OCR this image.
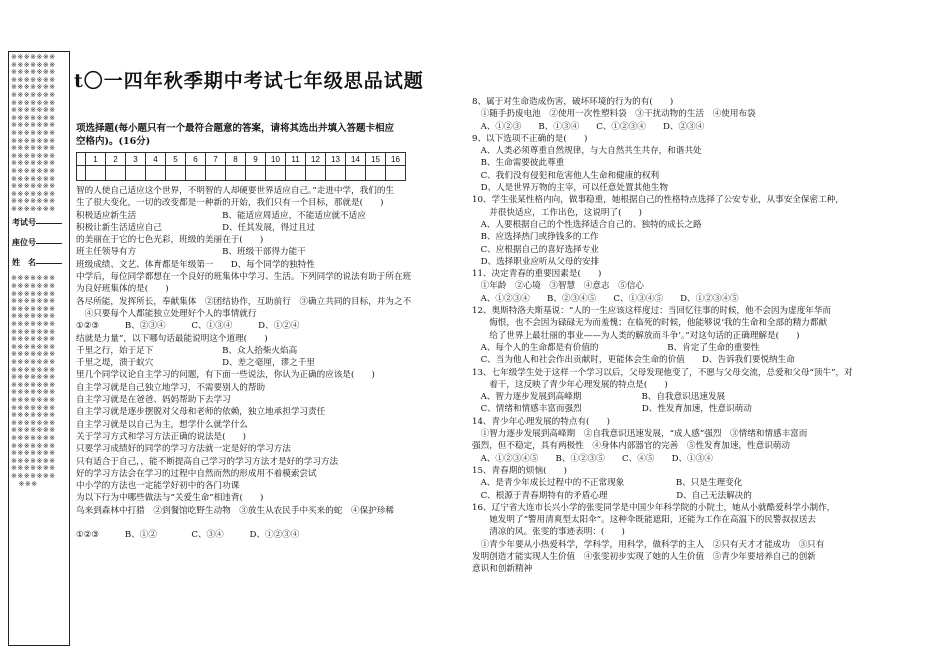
※※※※※※※
※※※※※※※
※※※※※※※
※※※※※※※
※※※※※※※
※※※※※※※
※※※※※※※
※※※※※※※
※※※※※※※
※※※※※※※
※※※※※※※
※※※※※※※
※※※※※※※
※※※※※※※
※※※※※※※
※※※※※※※
※※※※※※※
※※※※※※※
※※※※※※※
※※※※※※※
※※※※※※※
考试号
座位号
姓　名
※※※※※※※
※※※※※※※
※※※※※※※
※※※※※※※
※※※※※※※
※※※※※※※
※※※※※※※
※※※※※※※
※※※※※※※
※※※※※※※
※※※※※※※
※※※※※※※
※※※※※※※
※※※※※※※
※※※※※※※
※※※※※※※
※※※※※※※
※※※※※※※
※※※※※※※
※※※※※※※
※※※※※※※
※※※※※※※
※※※※※※※
※※※※※※※
※※※※※※※
※※※※※※※
※※※※※※※
　※※※
t〇一四年秋季期中考试七年级思品试题
项选择题(每小题只有一个最符合题意的答案，请将其选出并填入答题卡相应
空格内)。(16分)
	1	2	3	4	5	6	7	8	9	10	11	12	13	14	15	16

智的人使自己适应这个世界，不明智的人却硬要世界适应自己。”走进中学，我们的生
生了很大变化，一切的改变都是一种新的开始，我们只有一个目标，那就是(　　)
积极适应新生活　　　　　　　　　　B、能适应周适应，不能适应就不适应
积极让新生活适应自己　　　　　　　D、任其发展，得过且过
的美丽在于它的七色光彩，班级的美丽在于(　　)
班主任领导有方　　　　　　　　　　B、班级干部得力能干
班级成绩、文艺、体育都是年级第一　　D、每个同学的独特性
中学后，每位同学都想在一个良好的班集体中学习、生活。下列同学的说法有助于所在班
为良好班集体的是(　　)
各尽所能，发挥所长，奉献集体　②团结协作，互助前行　③确立共同的目标，并为之不
　④只要每个人都能独立处理好个人的事情就行
①②③　　　B、②③④　　　C、①③④　　　D、①②④
结就是力量”，以下哪句话最能说明这个道理(　　)
千里之行，始于足下　　　　　　　　B、众人拾柴火焰高
千里之堤，溃于蚁穴　　　　　　　　D、差之毫厘，谬之千里
里几个同学议论自主学习的问题，有下面一些说法，你认为正确的应该是(　　)
自主学习就是自己独立地学习，不需要别人的帮助
自主学习就是在爸爸、妈妈帮助下去学习
自主学习就是逐步摆脱对父母和老师的依赖，独立地承担学习责任
自主学习就是以自己为主，想学什么就学什么
关于学习方式和学习方法正确的说法是(　　)
只要学习成绩好的同学的学习方法就一定是好的学习方法
只有适合于自己，，能不断提高自己学习的学习方法才是好的学习方法
好的学习方法会在学习的过程中自然而然的形成用不着模索尝试
中小学的方法也一定能学好初中的各门功课
为以下行为中哪些做法与“关爱生命”相违背(　　)
鸟来到森林中打猎　②到餐馆吃野生动物　③放生从农民手中买来的蛇　④保护珍稀

①②③　　　B、①②　　　　C、③④　　　D、①②③④
8、属于对生命造成伤害，破坏环境的行为的有(　　)
　①随手扔废电池　②使用一次性塑料袋　③干扰动物的生活　④使用布袋
　A、①②③　　B、①③④　　C、①②③④　　D、②③④
9、以下选项不正确的是(　　)
　A、人类必须尊重自然规律，与大自然共生共存，和谐共处
　B、生命需要彼此尊重
　C、我们没有侵犯和危害他人生命和健康的权利
　D、人是世界万物的主宰，可以任意处置其他生物
10、学生张某性格内向，做事稳重，她根据自己的性格特点选择了公安专业，从事安全保密工种，
　　并很快适应，工作出色，这说明了(　　)
　A、人要根据自己的个性选择适合自己的、独特的成长之路
　B、应选择热门或挣钱多的工作
　C、应根据自己的喜好选择专业
　D、选择职业应听从父母的安排
11、决定青春的重要因素是(　　)
　①年龄　②心境　③智慧　④意志　⑤信心
　A、①②③④　　B、②③④⑤　　C、①③④⑤　　D、①②③④⑤
12、奥斯特洛夫斯基说：“人的一生应该这样度过：当回忆往事的时候，他不会因为虚度年华而
　　悔恨，也不会因为碌碌无为而羞愧；在临死的时候，他能够说‘我的生命和全部的精力都献
　　给了世界上最壮丽的事业——为人类的解放而斗争’。”对这句话的正确理解是(　　)
　A、每个人的生命都是有价值的　　　　　　　　B、肯定了生命的重要性
　C、当为他人和社会作出贡献时，更能体会生命的价值　　D、告诉我们要悦纳生命
13、七年级学生处于这样一个学习以后，父母发现他变了，不愿与父母交流，总爱和父母“顶牛”，对
　　着干，这反映了青少年心理发展的特点是(　　)
　A、智力逐步发展到高峰期　　　　　　　B、自我意识迅速发展
　C、情绪和情感丰富而强烈　　　　　　　D、性发育加速，性意识萌动
14、青少年心理发展的特点有(　　)
　①智力逐步发展到高峰期　②自我意识迅速发展，“成人感”强烈　③情绪和情感丰富而
强烈，但不稳定，具有两极性　④身体内部器官的完善　⑤性发育加速，性意识萌动
　A、①②③④⑤　　B、①②③⑤　　C、④⑤　　D、①③④
15、青春期的烦恼(　　)
　A、是青少年成长过程中的不正常现象　　　　　　B、只是生理变化
　C、根源于青春期特有的矛盾心理　　　　　　　　D、自己无法解决的
16、辽宁省大连市长兴小学的张雯同学是中国少年科学院的小院士，她从小就酷爱科学小制作，
　　她发明了“警用清爽型太阳伞”。这种伞既能遮阳，还能为工作在高温下的民警叔叔送去
　　清凉的风。张雯的事迹表明：(　　)
　①青少年要从小热爱科学，学科学，用科学，做科学的主人　②只有天才才能成功　③只有
发明创造才能实现人生价值　④张雯初步实现了她的人生价值　⑤青少年要培养自己的创新
意识和创新精神
